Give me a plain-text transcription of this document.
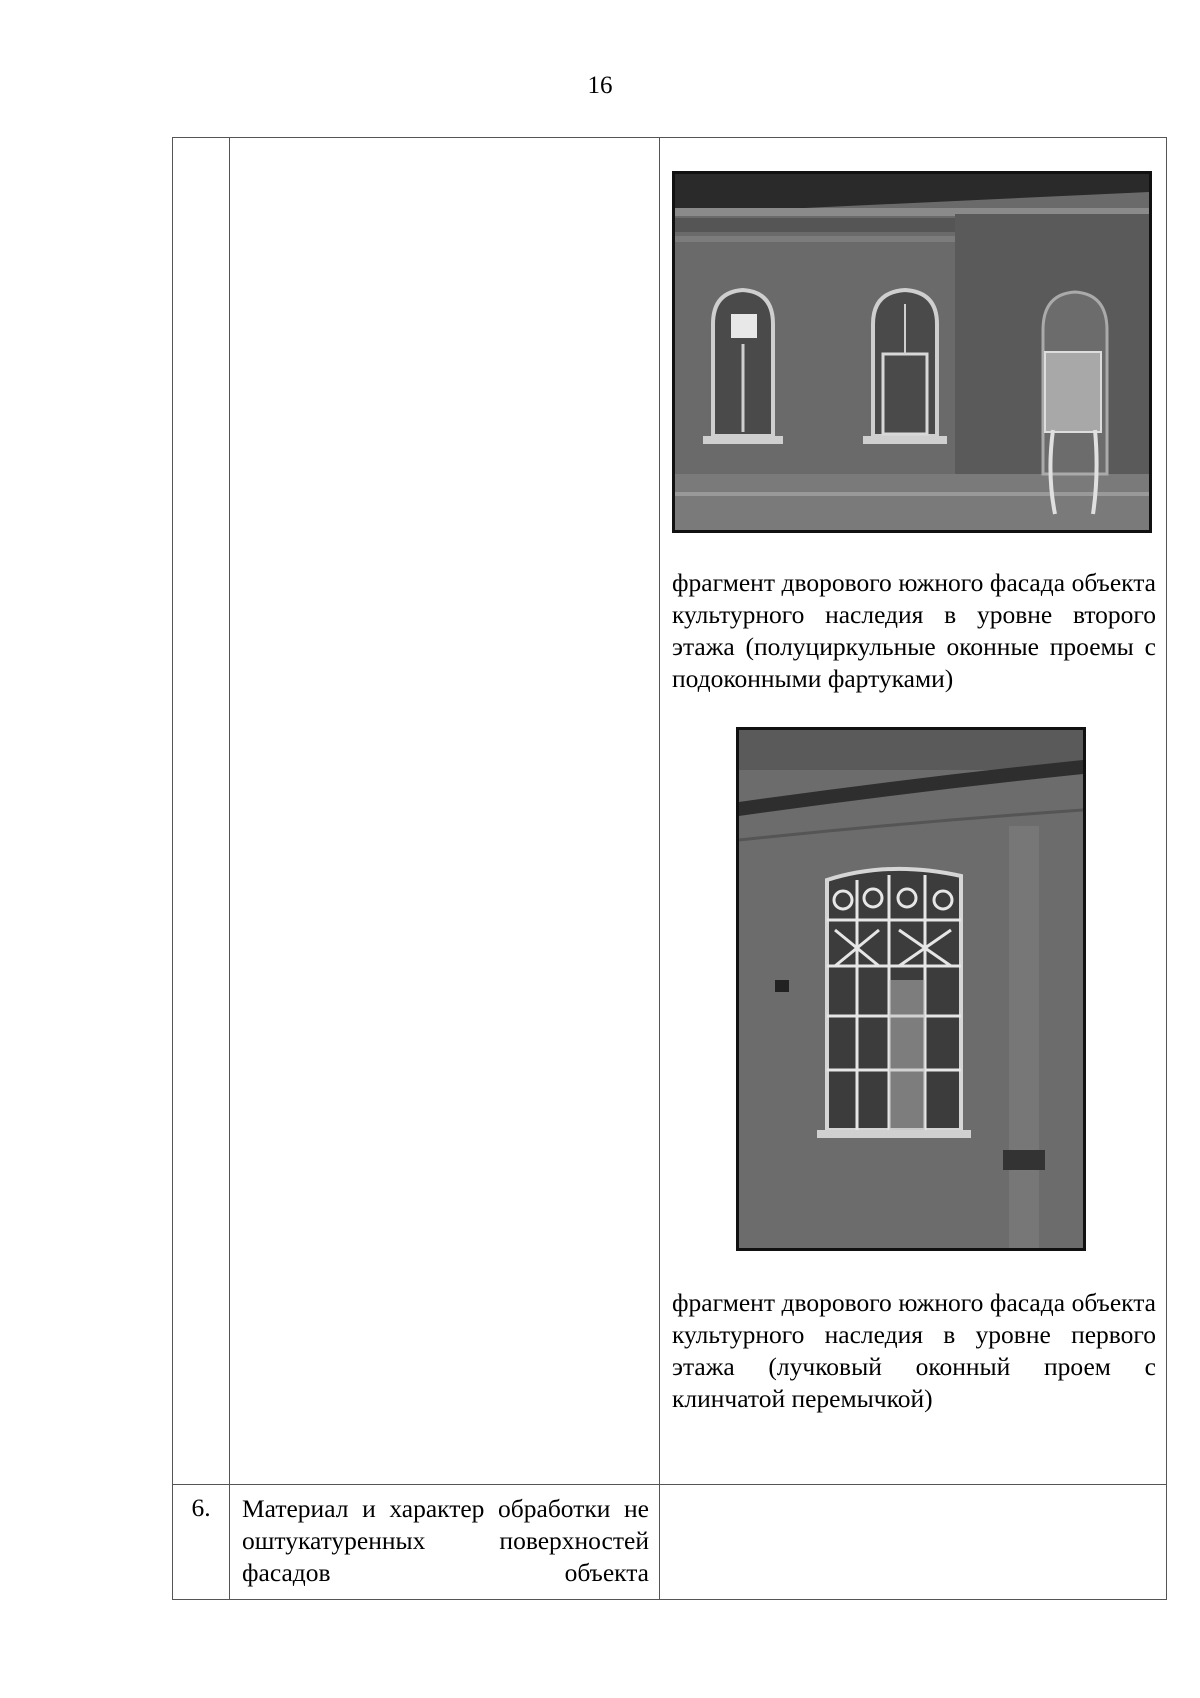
16

		фрагмент дворового южного фасада объекта культурного наследия в уровне второго этажа (полуциркульные оконные проемы с подоконными фартуками)
фрагмент дворового южного фасада объекта культурного наследия в уровне первого этажа (лучковый оконный проем с клинчатой перемычкой)

6.	Материал и характер обработки не оштукатуренных поверхностей фасадов объекта	
